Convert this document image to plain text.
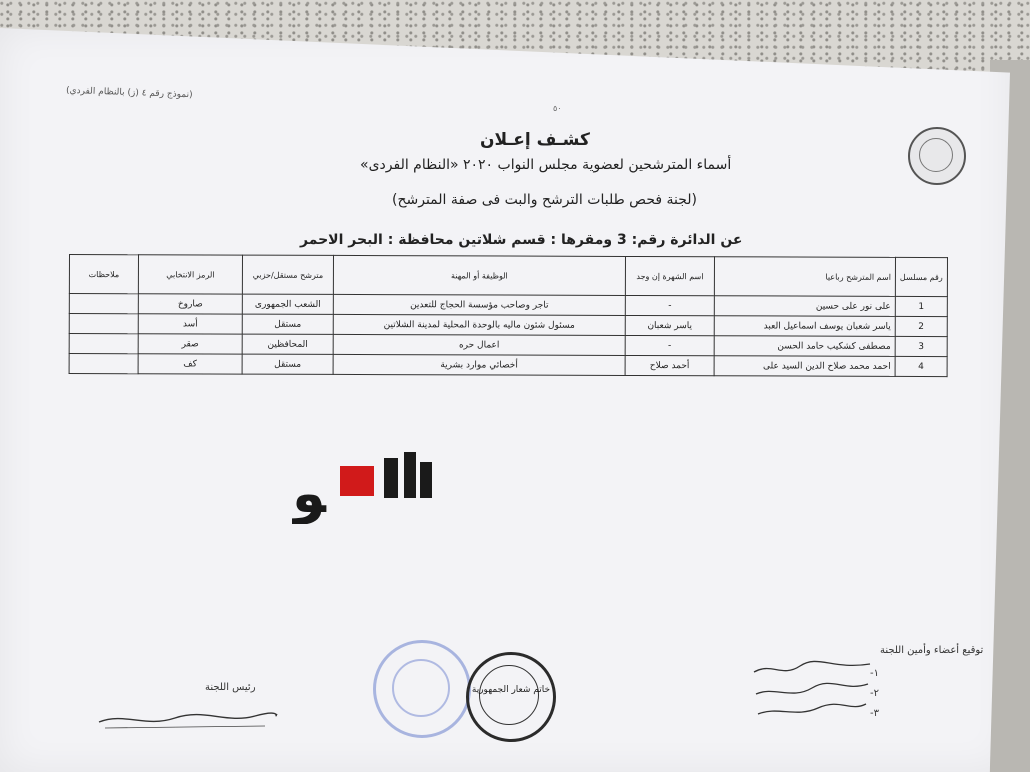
(نموذج رقم ٤ (ز) بالنظام الفردي)
٥٠
كشـف إعـلان
أسماء المترشحين لعضوية مجلس النواب ٢٠٢٠ «النظام الفردى»
(لجنة فحص طلبات الترشح والبت فى صفة المترشح)
عن الدائرة رقم: 3 ومقرها : قسم شلاتين محافظة : البحر الاحمر
رقم مسلسل	اسم المترشح رباعيا	اسم الشهرة إن وجد	الوظيفة أو المهنة	مترشح مستقل/حزبي	الرمز الانتخابي	ملاحظات
1	على نور على حسين	-	تاجر وصاحب مؤسسة الحجاج للتعدين	الشعب الجمهورى	صاروخ	
2	ياسر شعبان يوسف اسماعيل العبد	ياسر شعبان	مسئول شئون ماليه بالوحدة المحلية لمدينة الشلاتين	مستقل	أسد	
3	مصطفى كشكيب حامد الحسن	-	اعمال حره	المحافظين	صقر	
4	احمد محمد صلاح الدين السيد على	أحمد صلاح	أخصائي موارد بشرية	مستقل	كف	
ﻮ
توقيع أعضاء وأمين اللجنة
١-
٢-
٣-
رئيس اللجنة	خاتم شعار الجمهورية
